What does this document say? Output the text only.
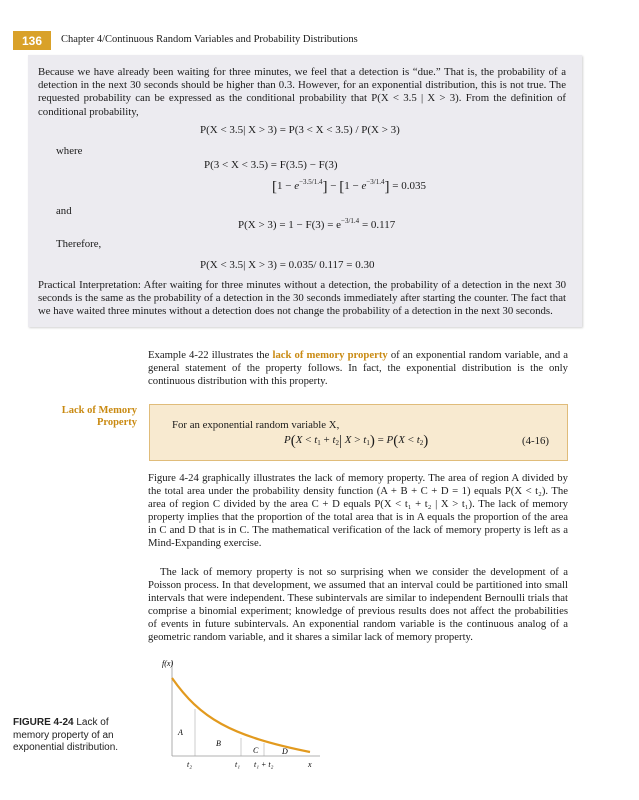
136	Chapter 4/Continuous Random Variables and Probability Distributions
Because we have already been waiting for three minutes, we feel that a detection is “due.” That is, the probability of a detection in the next 30 seconds should be higher than 0.3. However, for an exponential distribution, this is not true. The requested probability can be expressed as the conditional probability that P(X < 3.5 | X > 3). From the definition of conditional probability,
P(X < 3.5| X > 3) = P(3 < X < 3.5) / P(X > 3)
where
P(3 < X < 3.5) = F(3.5) − F(3)
$[1 - e^{-3.5/1.4}] - [1 - e^{-3/1.4}] = 0.035$
and
$P(X > 3) = 1 - F(3) = e^{-3/1.4} = 0.117$
Therefore,
P(X < 3.5| X > 3) = 0.035/ 0.117 = 0.30
Practical Interpretation: After waiting for three minutes without a detection, the probability of a detection in the next 30 seconds is the same as the probability of a detection in the 30 seconds immediately after starting the counter. The fact that we have waited three minutes without a detection does not change the probability of a detection in the next 30 seconds.
Example 4-22 illustrates the lack of memory property of an exponential random variable, and a general statement of the property follows. In fact, the exponential distribution is the only continuous distribution with this property.
Lack of Memory Property	For an exponential random variable X,
$P(X < t_1 + t_2|$ $X > t_1) = P(X < t_2)$	(4-16)
Figure 4-24 graphically illustrates the lack of memory property. The area of region A divided by the total area under the probability density function (A + B + C + D = 1) equals P(X < t₂). The area of region C divided by the area C + D equals P(X < t₁ + t₂ | X > t₁). The lack of memory property implies that the proportion of the total area that is in A equals the proportion of the area in C and D that is in C. The mathematical verification of the lack of memory property is left as a Mind-Expanding exercise.
The lack of memory property is not so surprising when we consider the development of a Poisson process. In that development, we assumed that an interval could be partitioned into small intervals that were independent. These subintervals are similar to independent Bernoulli trials that comprise a binomial experiment; knowledge of previous results does not affect the probabilities of events in future subintervals. An exponential random variable is the continuous analog of a geometric random variable, and it shares a similar lack of memory property.
f(x)
A
B
C	D
t₂	t₁ t₁ + t₂	x
FIGURE 4-24 Lack of memory property of an exponential distribution.
